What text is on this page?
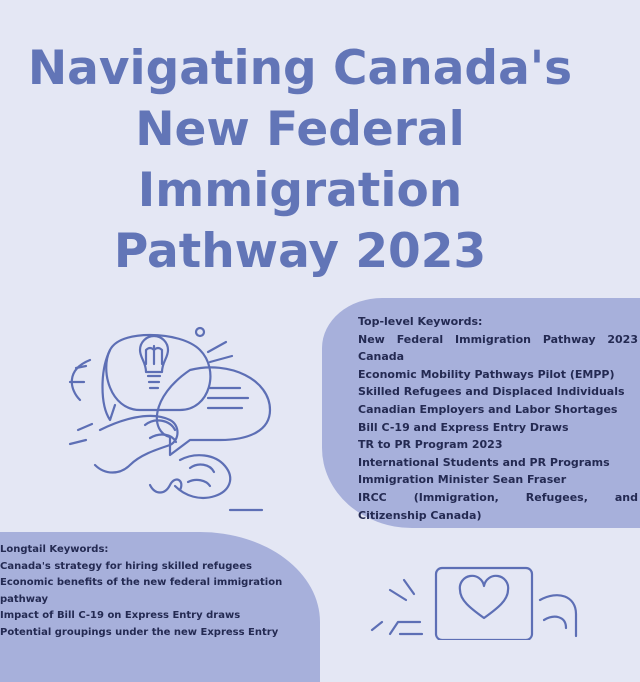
Navigating Canada's
New Federal
Immigration
Pathway 2023
Top-level Keywords:
New Federal Immigration Pathway 2023
Canada
Economic Mobility Pathways Pilot (EMPP)
Skilled Refugees and Displaced Individuals
Canadian Employers and Labor Shortages
Bill C-19 and Express Entry Draws
TR to PR Program 2023
International Students and PR Programs
Immigration Minister Sean Fraser
IRCC (Immigration, Refugees, and
Citizenship Canada)
Longtail Keywords:
Canada's strategy for hiring skilled refugees
Economic benefits of the new federal immigration
pathway
Impact of Bill C-19 on Express Entry draws
Potential groupings under the new Express Entry
